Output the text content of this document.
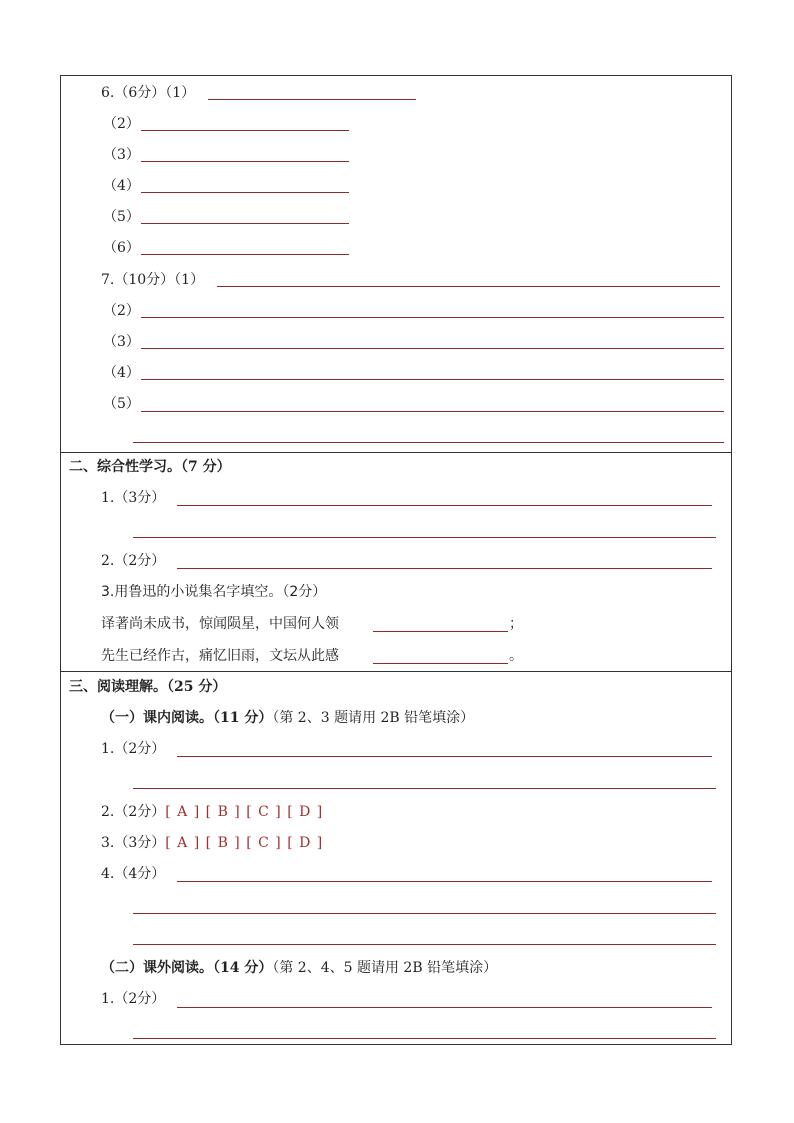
6.（6分）（1）
（2）
（3）
（4）
（5）
（6）
7.（10分）（1）
（2）
（3）
（4）
（5）
二、综合性学习。（7 分）
1.（3分）
2.（2分）
3.用鲁迅的小说集名字填空。（2分）
译著尚未成书，惊闻陨星，中国何人领	；
先生已经作古，痛忆旧雨，文坛从此感	。
三、阅读理解。（25 分）
（一）课内阅读。（11 分）（第 2、3 题请用 2B 铅笔填涂）
1.（2分）
2.（2分）[ A ] [ B ] [ C ] [ D ]
3.（3分）[ A ] [ B ] [ C ] [ D ]
4.（4分）
（二）课外阅读。（14 分）（第 2、4、5 题请用 2B 铅笔填涂）
1.（2分）
